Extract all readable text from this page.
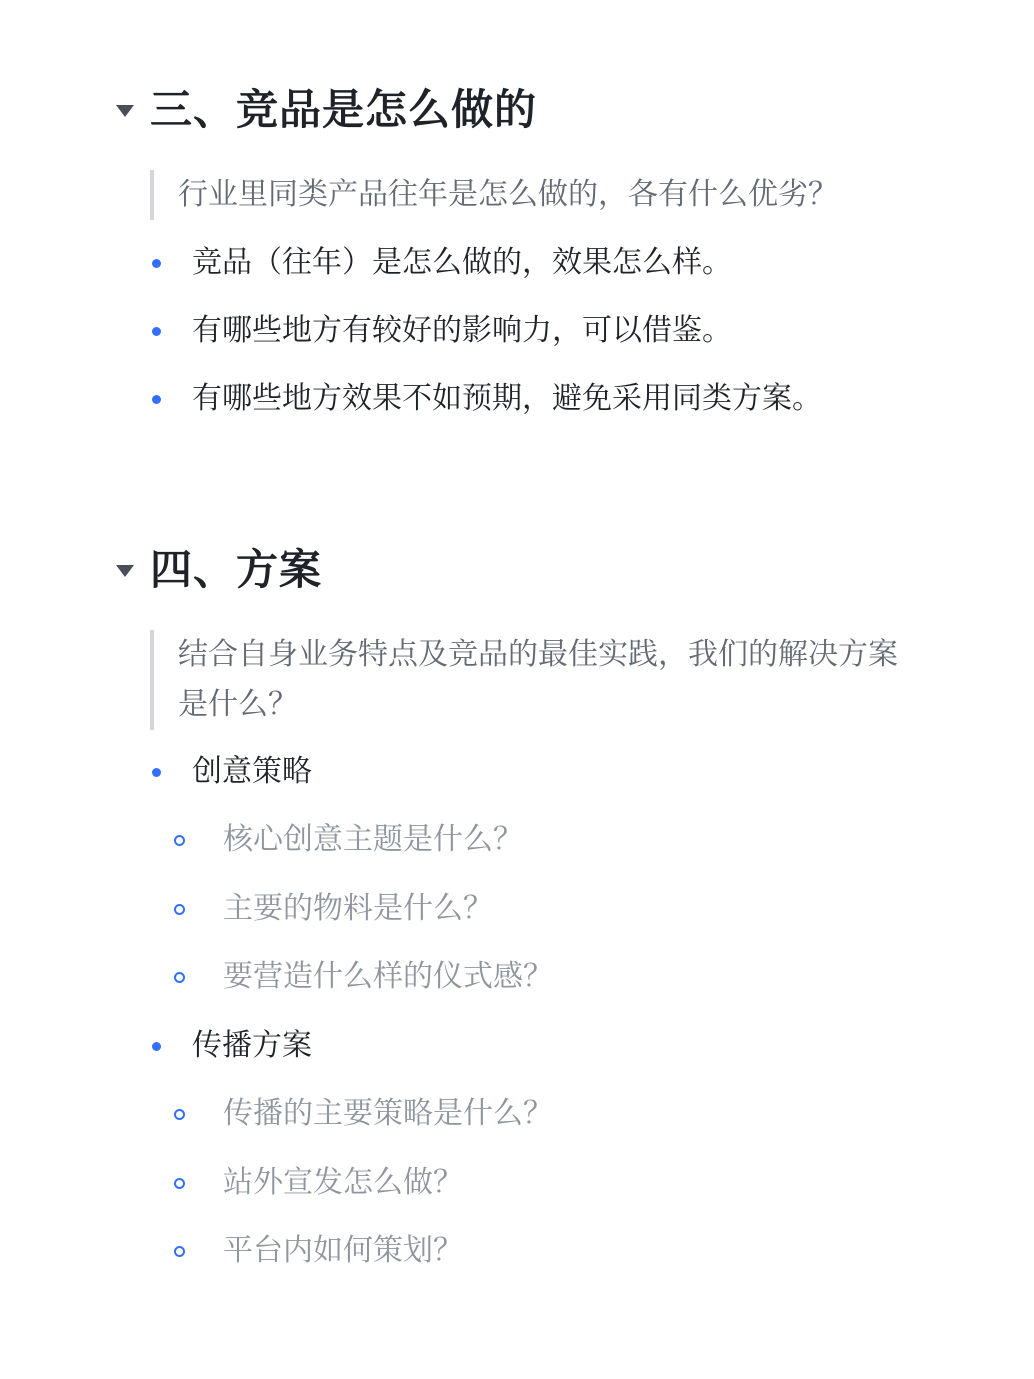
三、竞品是怎么做的
行业里同类产品往年是怎么做的，各有什么优劣？
竞品（往年）是怎么做的，效果怎么样。
有哪些地方有较好的影响力，可以借鉴。
有哪些地方效果不如预期，避免采用同类方案。
四、方案
结合自身业务特点及竞品的最佳实践，我们的解决方案是什么？
创意策略
核心创意主题是什么？
主要的物料是什么？
要营造什么样的仪式感？
传播方案
传播的主要策略是什么？
站外宣发怎么做？
平台内如何策划？
